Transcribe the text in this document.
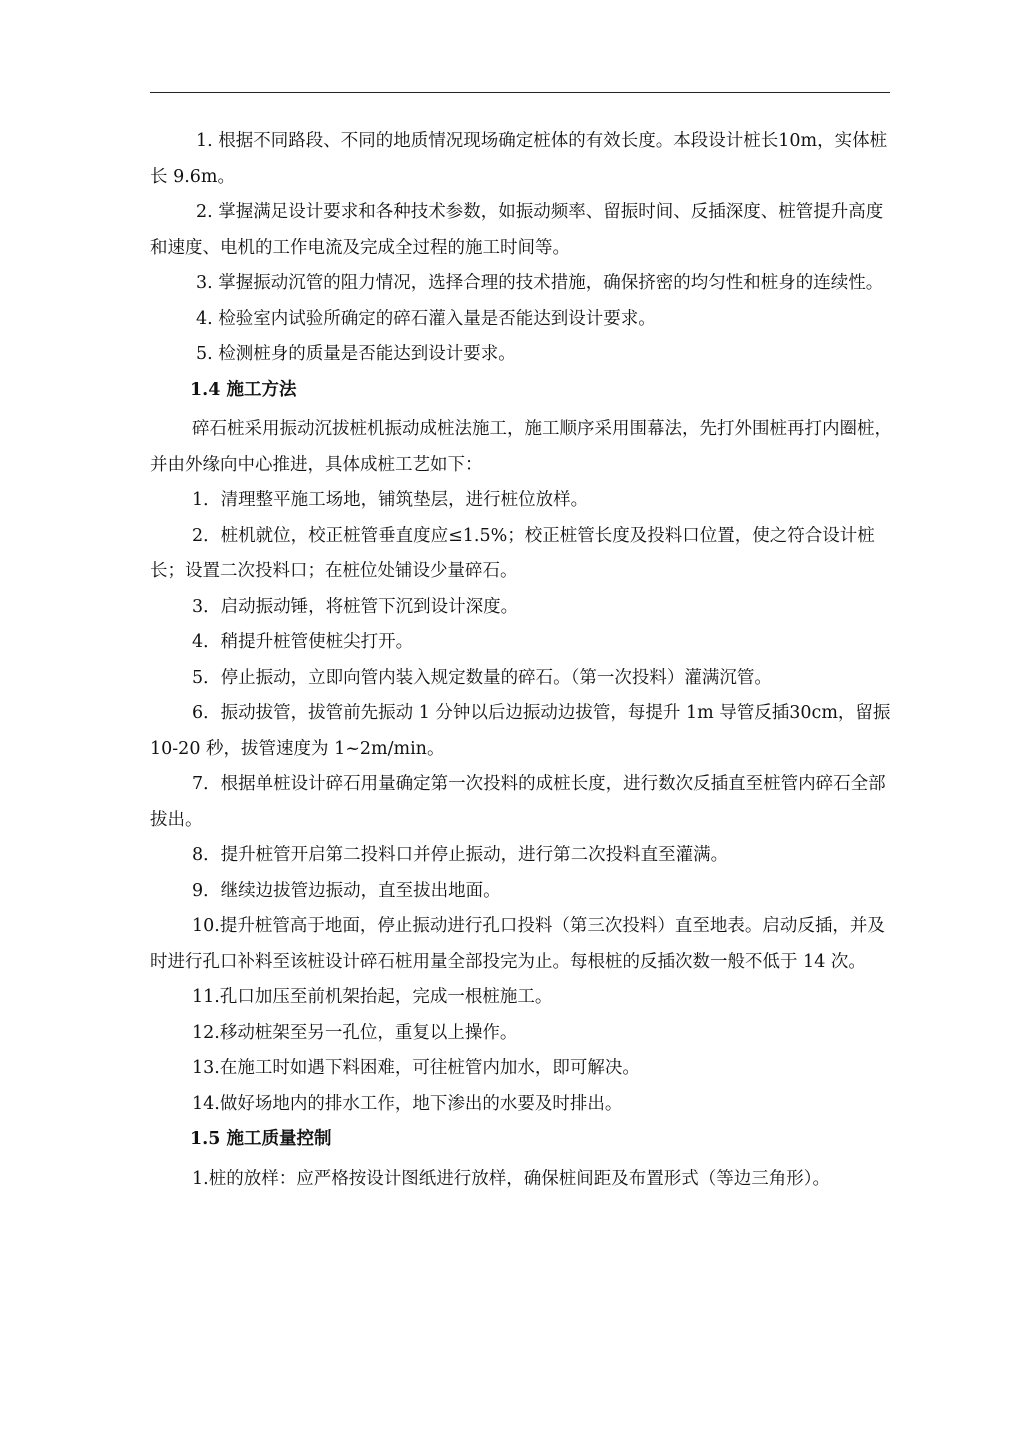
1. 根据不同路段、不同的地质情况现场确定桩体的有效长度。本段设计桩长10m，实体桩长 9.6m。

2. 掌握满足设计要求和各种技术参数，如振动频率、留振时间、反插深度、桩管提升高度和速度、电机的工作电流及完成全过程的施工时间等。

3. 掌握振动沉管的阻力情况，选择合理的技术措施，确保挤密的均匀性和桩身的连续性。

4. 检验室内试验所确定的碎石灌入量是否能达到设计要求。

5. 检测桩身的质量是否能达到设计要求。

1.4 施工方法

碎石桩采用振动沉拔桩机振动成桩法施工，施工顺序采用围幕法，先打外围桩再打内圈桩，并由外缘向中心推进，具体成桩工艺如下：

1．清理整平施工场地，铺筑垫层，进行桩位放样。

2．桩机就位，校正桩管垂直度应≤1.5%；校正桩管长度及投料口位置，使之符合设计桩长；设置二次投料口；在桩位处铺设少量碎石。

3．启动振动锤，将桩管下沉到设计深度。

4．稍提升桩管使桩尖打开。

5．停止振动，立即向管内装入规定数量的碎石。（第一次投料）灌满沉管。

6．振动拔管，拔管前先振动 1 分钟以后边振动边拔管，每提升 1m 导管反插30cm，留振 10-20 秒，拔管速度为 1~2m/min。

7．根据单桩设计碎石用量确定第一次投料的成桩长度，进行数次反插直至桩管内碎石全部拔出。

8．提升桩管开启第二投料口并停止振动，进行第二次投料直至灌满。

9．继续边拔管边振动，直至拔出地面。

10.提升桩管高于地面，停止振动进行孔口投料（第三次投料）直至地表。启动反插，并及时进行孔口补料至该桩设计碎石桩用量全部投完为止。每根桩的反插次数一般不低于 14 次。

11.孔口加压至前机架抬起，完成一根桩施工。

12.移动桩架至另一孔位，重复以上操作。

13.在施工时如遇下料困难，可往桩管内加水，即可解决。

14.做好场地内的排水工作，地下渗出的水要及时排出。

1.5 施工质量控制

1.桩的放样：应严格按设计图纸进行放样，确保桩间距及布置形式（等边三角形）。
